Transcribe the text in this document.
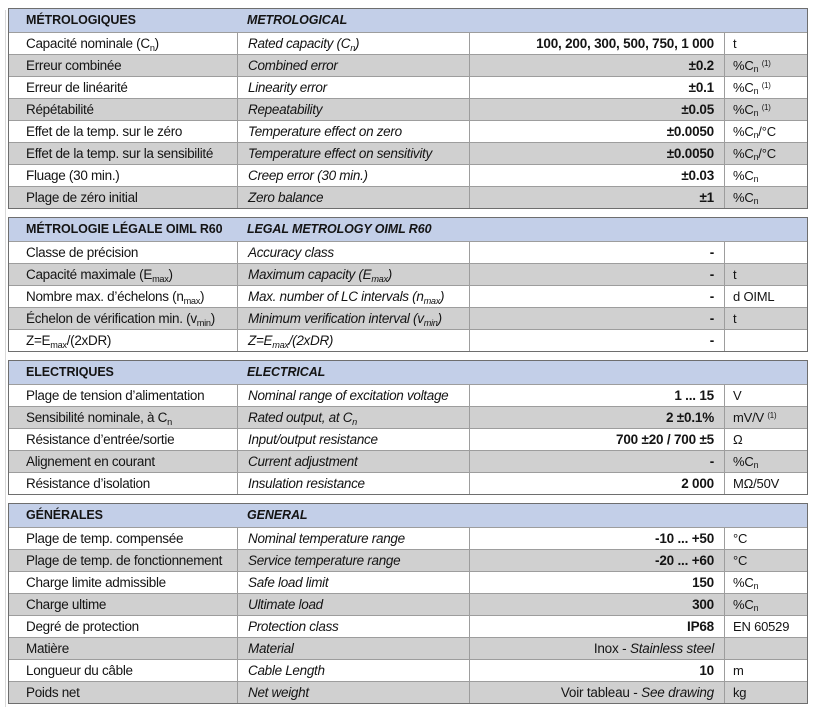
MÉTROLOGIQUES	METROLOGICAL
Capacité nominale $(C_n)$	Rated capacity $(C_n)$	100, 200, 300, 500, 750, 1 000	t
Erreur combinée	Combined error	±0.2	$\%C_n$ $^{(1)}$
Erreur de linéarité	Linearity error	±0.1	$\%C_n$ $^{(1)}$
Répétabilité	Repeatability	±0.05	$\%C_n$ $^{(1)}$
Effet de la temp. sur le zéro	Temperature effect on zero	±0.0050	$\%C_n/^\circ C$
Effet de la temp. sur la sensibilité	Temperature effect on sensitivity	±0.0050	$\%C_n/^\circ C$
Fluage (30 min.)	Creep error (30 min.)	±0.03	$\%C_n$
Plage de zéro initial	Zero balance	±1	$\%C_n$
MÉTROLOGIE LÉGALE OIML R60	LEGAL METROLOGY OIML R60
Classe de précision	Accuracy class	-
Capacité maximale $(E_{max})$	Maximum capacity $(E_{max})$	-	t
Nombre max. d’échelons $(n_{max})$	Max. number of LC intervals $(n_{max})$	-	d OIML
Échelon de vérification min. $(v_{min})$	Minimum verification interval $(v_{min})$	-	t
$Z=E_{max}/(2xDR)$	$Z=E_{max}/(2xDR)$	-
ELECTRIQUES	ELECTRICAL
Plage de tension d’alimentation	Nominal range of excitation voltage	1 ... 15	V
Sensibilité nominale, à $C_n$	Rated output, at $C_n$	2 ±0.1%	mV/V $^{(1)}$
Résistance d’entrée/sortie	Input/output resistance	700 ±20 / 700 ±5	Ω
Alignement en courant	Current adjustment	-	$\%C_n$
Résistance d’isolation	Insulation resistance	2 000	MΩ/50V
GÉNÉRALES	GENERAL
Plage de temp. compensée	Nominal temperature range	-10 ... +50	°C
Plage de temp. de fonctionnement	Service temperature range	-20 ... +60	°C
Charge limite admissible	Safe load limit	150	$\%C_n$
Charge ultime	Ultimate load	300	$\%C_n$
Degré de protection	Protection class	IP68	EN 60529
Matière	Material	Inox - Stainless steel
Longueur du câble	Cable Length	10	m
Poids net	Net weight	Voir tableau - See drawing	kg
